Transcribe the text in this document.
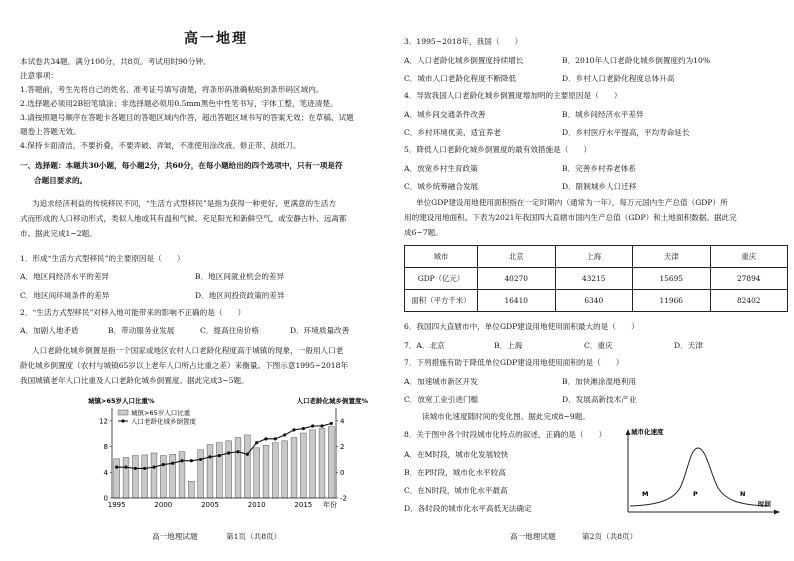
高一地理
本试卷共34题，满分100分，共8页。考试用时90分钟。
注意事项：
1.答题前，考生先将自己的姓名、准考证号填写清楚，将条形码准确粘贴到条形码区域内。
2.选择题必须用2B铅笔填涂；非选择题必须用0.5mm黑色中性笔书写，字体工整，笔迹清楚。
3.请按照题号顺序在答题卡各题目的答题区域内作答，超出答题区域书写的答案无效；在草稿、试题
题卷上答题无效。
4.保持卡面清洁，不要折叠，不要弄破、弄皱，不准使用涂改液、修正带、刮纸刀。
一、选择题：本题共30小题，每小题2分，共60分，在每小题给出的四个选项中，只有一项是符
合题目要求的。
为追求经济利益的传统移民不同，“生活方式型移民”是指为获得一种更好、更满意的生活方
式而形成的人口移动形式，类似人地或其有温和气候、充足阳光和新鲜空气，或安静古朴、远离都
市。据此完成1~2题。
1．形成“生活方式型移民”的主要原因是（　　）
A．地区间经济水平的差异	B．地区间就业机会的差异
C．地区间环境条件的差异	D．地区间投资政策的差异
2．“生活方式型移民”对移入地可能带来的影响不正确的是（　　）
A．加剧人地矛盾	B．带动服务业发展	C．提高住房价格	D．环境质量改善
人口老龄化城乡倒置是指一个国家或地区农村人口老龄化程度高于城镇的现象，一般用人口老
龄化城乡倒置度（农村与城镇65岁以上老年人口所占比重之差）来衡量。下图示意1995~2018年
我国城镇老年人口比重及人口老龄化城乡倒置度。据此完成3~5题。
城镇>65岁人口比重%	人口老龄化城乡倒置度%
0
4
8
12
-2
0
2
4
1995	2000	2005	2010	2015 年份
城镇>65岁人口比重
人口老龄化城乡倒置度
高一地理试题	第1页（共8页）
3．1995~2018年，我国（　　）
A．人口老龄化城乡倒置度持续增长	B．2010年人口老龄化城乡倒置度约为10%
C．城市人口老龄化程度不断降低	D．乡村人口老龄化程度总体升高
4．导致我国人口老龄化城乡倒置度增加明的主要原因是（　　）
A．城乡间交通条件改善	B．城乡间经济水平差异
C．乡村环境优美，适宜养老	D．乡村医疗水平提高，平均寿命延长
5．降低人口老龄化城乡倒置度的最有效措施是（　　）
A．放宽乡村生育政策	B．完善乡村养老体系
C．城乡统筹融合发展	D．限制城乡人口迁移
单位GDP建设用地使用面积指在一定时期内（通常为一年），每万元国内生产总值（GDP）所
用的建设用地面积。下表为2021年我国四大直辖市国内生产总值（GDP）和土地面积数据。据此完
成6~7题。
城市	北京	上海	天津	重庆
GDP（亿元）	40270	43215	15695	27894
面积（平方千米）	16410	6340	11966	82402
6．我国四大直辖市中，单位GDP建设用地使用面积最大的是（　　）
7．A．北京	B．上海	C．重庆	D．天津
7．下列措施有助于降低单位GDP建设用地使用面积的是（　　）
A．加速城市新区开发	B．加快滩涂湿地利用
C．放宽工业引进门槛	D．发展高新技术产业
读城市化速度随时间的变化图。据此完成8~9题。
8．关于图中各个时段城市化特点的叙述，正确的是（　　）
A．在M时段，城市化发展较快
B．在P时段，城市化水平较高
C．在N时段，城市化水平最高
D．各时段的城市化水平高低无法确定
城市化速度
时间
M	P	N
高一地理试题	第2页（共8页）
